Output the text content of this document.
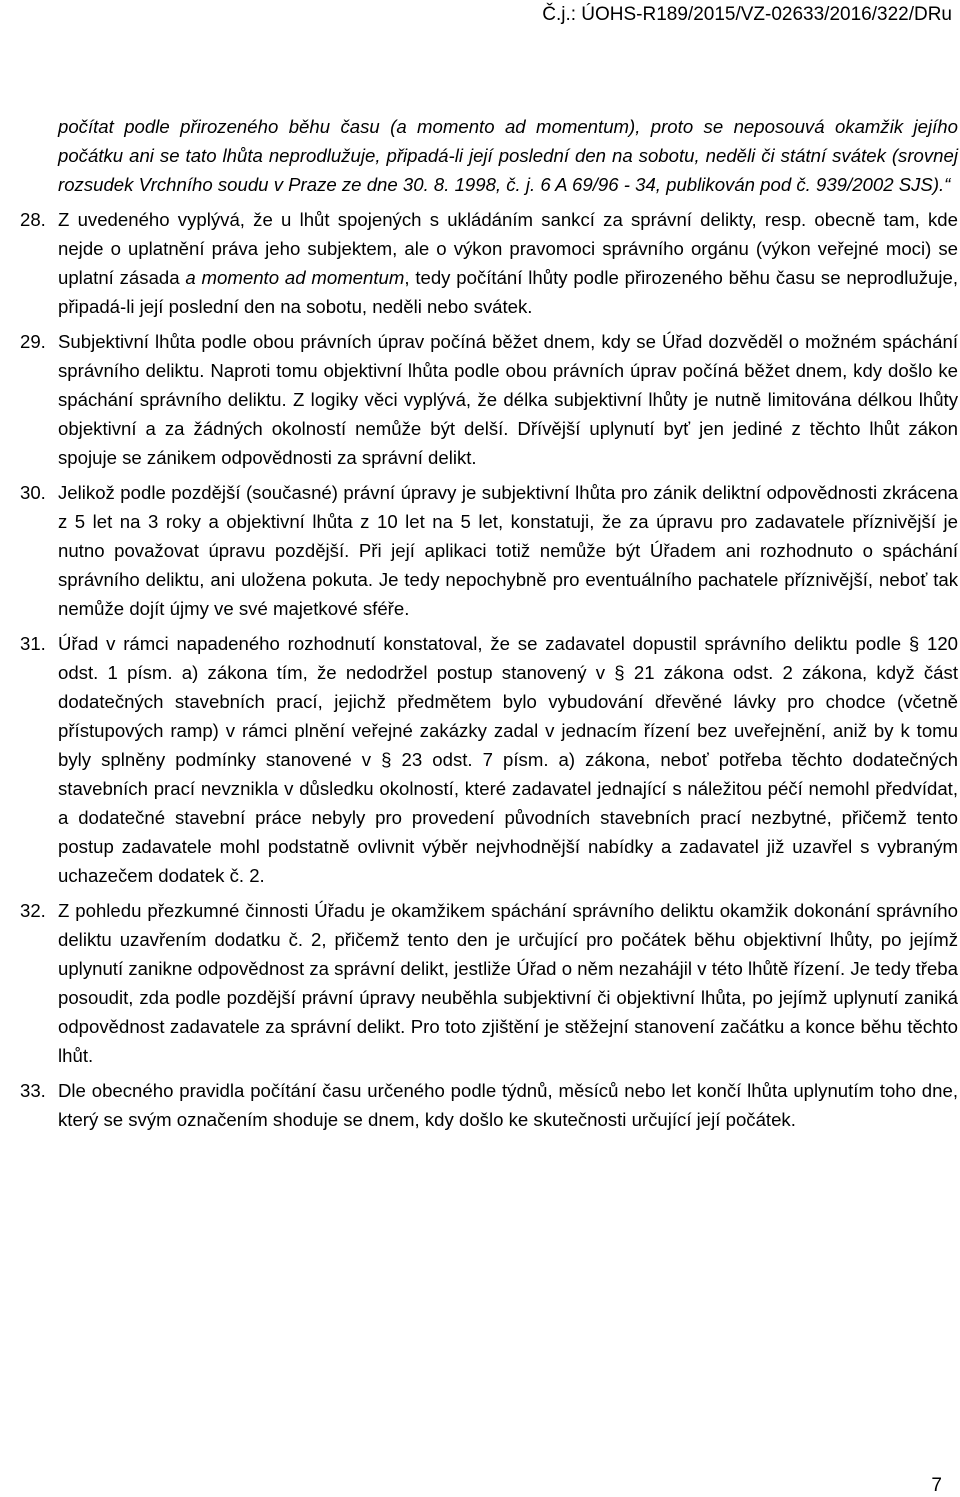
Č.j.: ÚOHS-R189/2015/VZ-02633/2016/322/DRu
počítat podle přirozeného běhu času (a momento ad momentum), proto se neposouvá okamžik jejího počátku ani se tato lhůta neprodlužuje, připadá-li její poslední den na sobotu, neděli či státní svátek (srovnej rozsudek Vrchního soudu v Praze ze dne 30. 8. 1998, č. j. 6 A 69/96 - 34, publikován pod č. 939/2002 SJS).“
28. Z uvedeného vyplývá, že u lhůt spojených s ukládáním sankcí za správní delikty, resp. obecně tam, kde nejde o uplatnění práva jeho subjektem, ale o výkon pravomoci správního orgánu (výkon veřejné moci) se uplatní zásada a momento ad momentum, tedy počítání lhůty podle přirozeného běhu času se neprodlužuje, připadá-li její poslední den na sobotu, neděli nebo svátek.
29. Subjektivní lhůta podle obou právních úprav počíná běžet dnem, kdy se Úřad dozvěděl o možném spáchání správního deliktu. Naproti tomu objektivní lhůta podle obou právních úprav počíná běžet dnem, kdy došlo ke spáchání správního deliktu. Z logiky věci vyplývá, že délka subjektivní lhůty je nutně limitována délkou lhůty objektivní a za žádných okolností nemůže být delší. Dřívější uplynutí byť jen jediné z těchto lhůt zákon spojuje se zánikem odpovědnosti za správní delikt.
30. Jelikož podle pozdější (současné) právní úpravy je subjektivní lhůta pro zánik deliktní odpovědnosti zkrácena z 5 let na 3 roky a objektivní lhůta z 10 let na 5 let, konstatuji, že za úpravu pro zadavatele příznivější je nutno považovat úpravu pozdější. Při její aplikaci totiž nemůže být Úřadem ani rozhodnuto o spáchání správního deliktu, ani uložena pokuta. Je tedy nepochybně pro eventuálního pachatele příznivější, neboť tak nemůže dojít újmy ve své majetkové sféře.
31. Úřad v rámci napadeného rozhodnutí konstatoval, že se zadavatel dopustil správního deliktu podle § 120 odst. 1 písm. a) zákona tím, že nedodržel postup stanovený v § 21 zákona odst. 2 zákona, když část dodatečných stavebních prací, jejichž předmětem bylo vybudování dřevěné lávky pro chodce (včetně přístupových ramp) v rámci plnění veřejné zakázky zadal v jednacím řízení bez uveřejnění, aniž by k tomu byly splněny podmínky stanovené v § 23 odst. 7 písm. a) zákona, neboť potřeba těchto dodatečných stavebních prací nevznikla v důsledku okolností, které zadavatel jednající s náležitou péčí nemohl předvídat, a dodatečné stavební práce nebyly pro provedení původních stavebních prací nezbytné, přičemž tento postup zadavatele mohl podstatně ovlivnit výběr nejvhodnější nabídky a zadavatel již uzavřel s vybraným uchazečem dodatek č. 2.
32. Z pohledu přezkumné činnosti Úřadu je okamžikem spáchání správního deliktu okamžik dokonání správního deliktu uzavřením dodatku č. 2, přičemž tento den je určující pro počátek běhu objektivní lhůty, po jejímž uplynutí zanikne odpovědnost za správní delikt, jestliže Úřad o něm nezahájil v této lhůtě řízení. Je tedy třeba posoudit, zda podle pozdější právní úpravy neuběhla subjektivní či objektivní lhůta, po jejímž uplynutí zaniká odpovědnost zadavatele za správní delikt. Pro toto zjištění je stěžejní stanovení začátku a konce běhu těchto lhůt.
33. Dle obecného pravidla počítání času určeného podle týdnů, měsíců nebo let končí lhůta uplynutím toho dne, který se svým označením shoduje se dnem, kdy došlo ke skutečnosti určující její počátek.
7
